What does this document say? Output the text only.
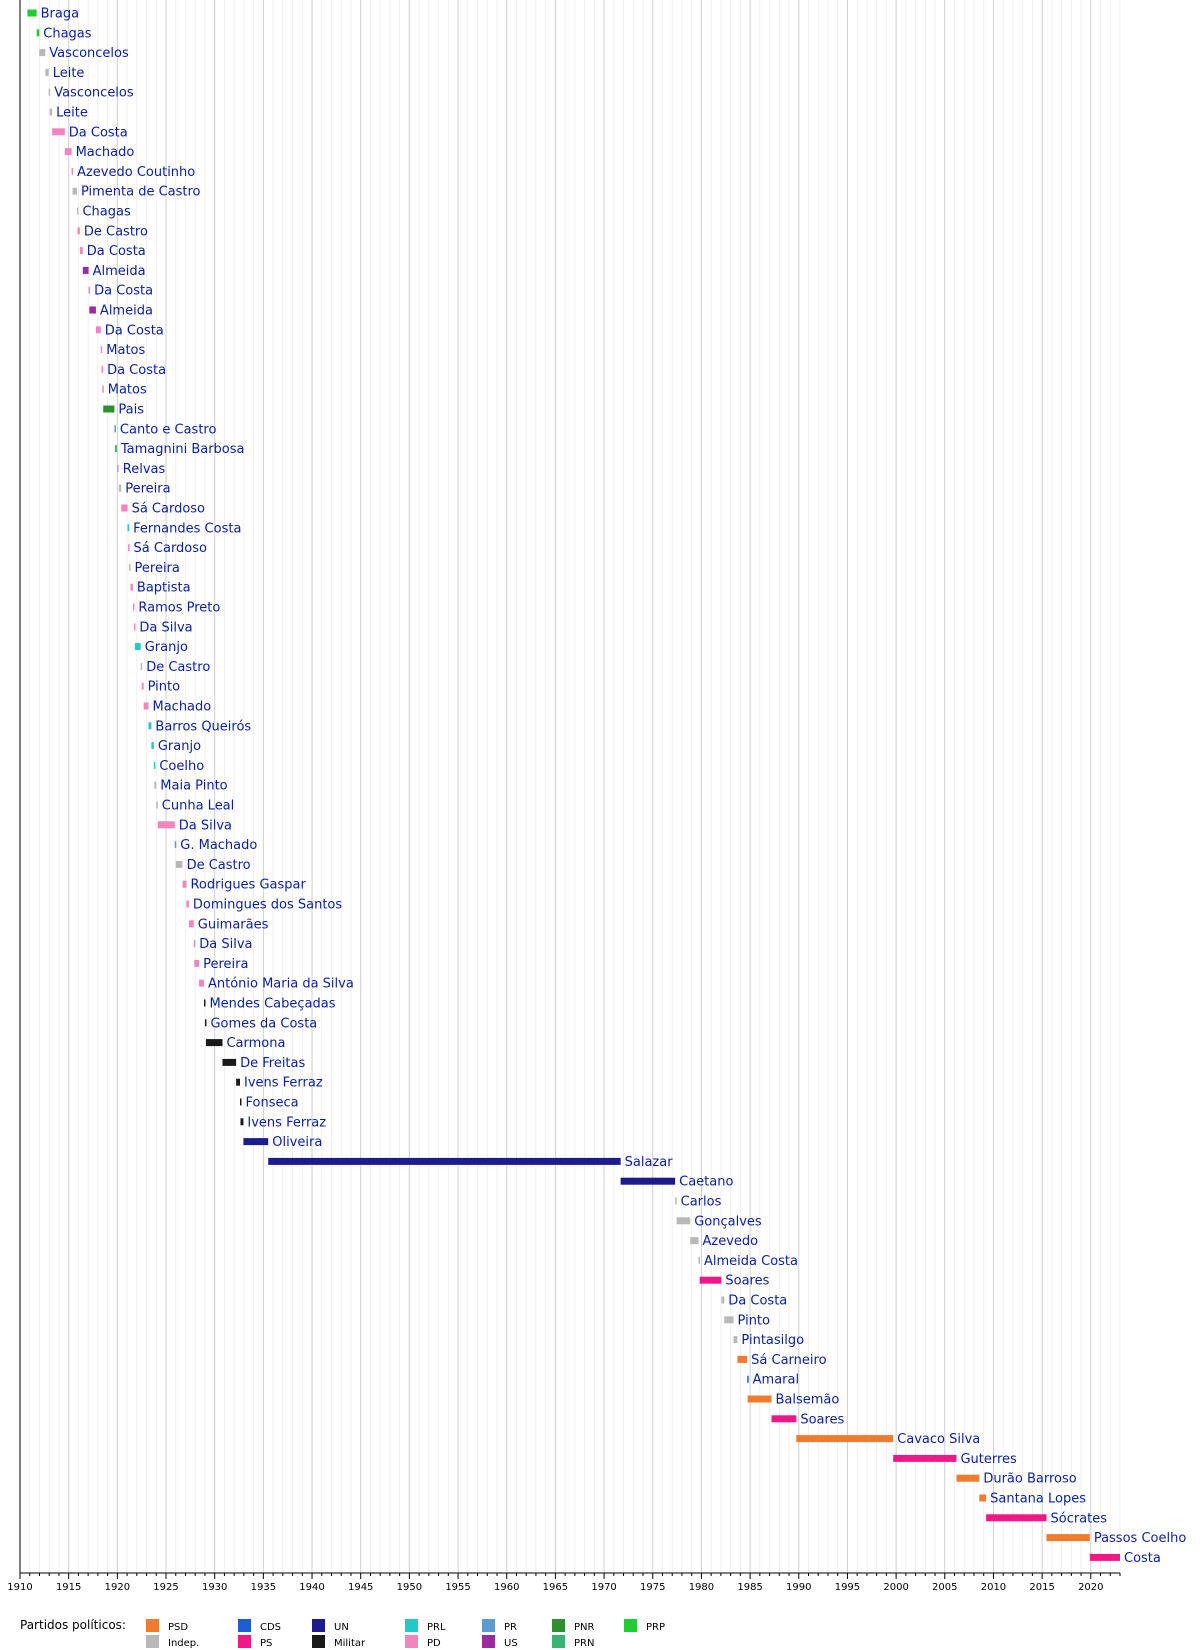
Braga
Chagas
Vasconcelos
Leite
Vasconcelos
Leite
Da Costa
Machado
Azevedo Coutinho
Pimenta de Castro
Chagas
De Castro
Da Costa
Almeida
Da Costa
Almeida
Da Costa
Matos
Da Costa
Matos
Pais
Canto e Castro
Tamagnini Barbosa
Relvas
Pereira
Sá Cardoso
Fernandes Costa
Sá Cardoso
Pereira
Baptista
Ramos Preto
Da Silva
Granjo
De Castro
Pinto
Machado
Barros Queirós
Granjo
Coelho
Maia Pinto
Cunha Leal
Da Silva
G. Machado
De Castro
Rodrigues Gaspar
Domingues dos Santos
Guimarães
Da Silva
Pereira
António Maria da Silva
Mendes Cabeçadas
Gomes da Costa
Carmona
De Freitas
Ivens Ferraz
Fonseca
Ivens Ferraz
Oliveira
Salazar
Caetano
Carlos
Gonçalves
Azevedo
Almeida Costa
Soares
Da Costa
Pinto
Pintasilgo
Sá Carneiro
Amaral
Balsemão
Soares
Cavaco Silva
Guterres
Durão Barroso
Santana Lopes
Sócrates
Passos Coelho
Costa
1910 1915 1920 1925 1930 1935 1940 1945 1950 1955 1960 1965 1970 1975 1980 1985 1990 1995 2000 2005 2010 2015 2020
Partidos políticos:	PSD
Indep.
CDS
PS
UN
Militar
PRL
PD
PR
US
PNR
PRN
PRP
